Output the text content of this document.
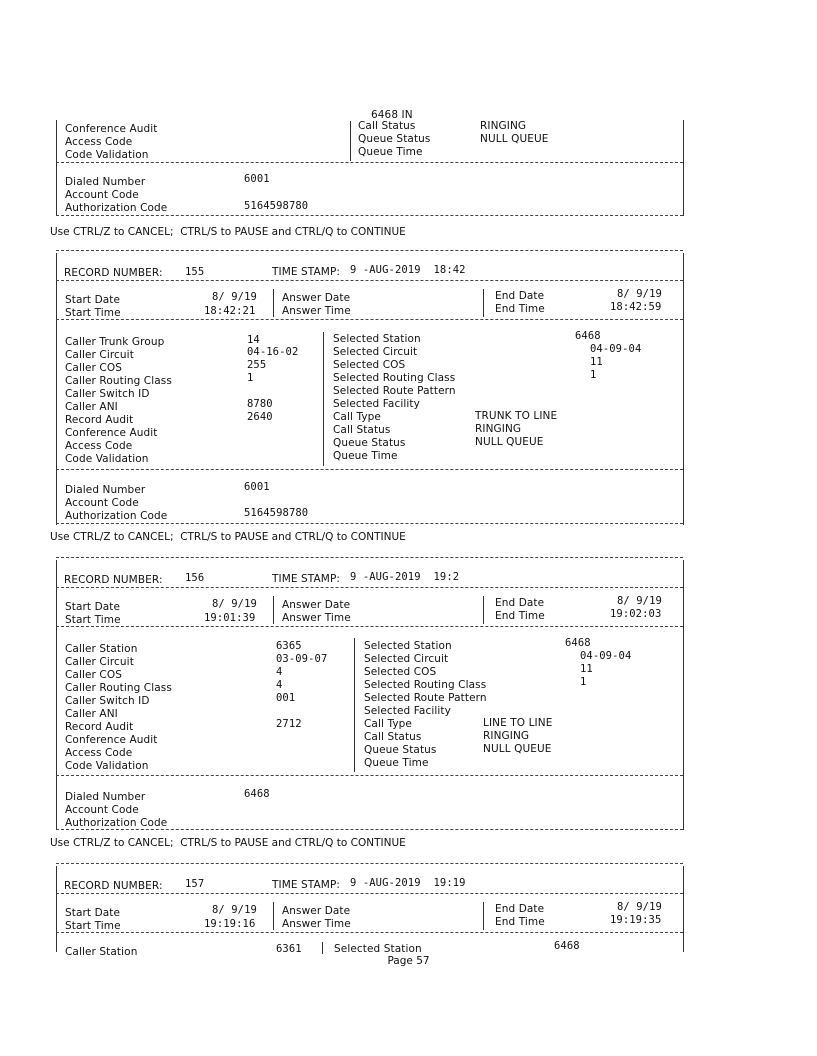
6468 IN
Conference Audit
Access Code
Code Validation
Call Status	RINGING
Queue Status	NULL QUEUE
Queue Time
Dialed Number	6001
Account Code
Authorization Code	5164598780
Use CTRL/Z to CANCEL;  CTRL/S to PAUSE and CTRL/Q to CONTINUE
RECORD NUMBER: 155	TIME STAMP: 9 -AUG-2019  18:42
Start Date	8/ 9/19
Start Time	18:42:21
Answer Date
Answer Time
End Date	8/ 9/19
End Time	18:42:59
Caller Trunk Group	14
Caller Circuit	04-16-02
Caller COS	255
Caller Routing Class	1
Caller Switch ID
Caller ANI	8780
Record Audit	2640
Conference Audit
Access Code
Code Validation
Selected Station	6468
Selected Circuit	04-09-04
Selected COS	11
Selected Routing Class	1
Selected Route Pattern
Selected Facility
Call Type	TRUNK TO LINE
Call Status	RINGING
Queue Status	NULL QUEUE
Queue Time
Dialed Number	6001
Account Code
Authorization Code	5164598780
Use CTRL/Z to CANCEL;  CTRL/S to PAUSE and CTRL/Q to CONTINUE
RECORD NUMBER: 156	TIME STAMP: 9 -AUG-2019  19:2
Start Date	8/ 9/19
Start Time	19:01:39
Answer Date
Answer Time
End Date	8/ 9/19
End Time	19:02:03
Caller Station	6365
Caller Circuit	03-09-07
Caller COS	4
Caller Routing Class	4
Caller Switch ID	001
Caller ANI
Record Audit	2712
Conference Audit
Access Code
Code Validation
Selected Station	6468
Selected Circuit	04-09-04
Selected COS	11
Selected Routing Class	1
Selected Route Pattern
Selected Facility
Call Type	LINE TO LINE
Call Status	RINGING
Queue Status	NULL QUEUE
Queue Time
Dialed Number	6468
Account Code
Authorization Code
Use CTRL/Z to CANCEL;  CTRL/S to PAUSE and CTRL/Q to CONTINUE
RECORD NUMBER: 157	TIME STAMP: 9 -AUG-2019  19:19
Start Date	8/ 9/19
Start Time	19:19:16
Answer Date
Answer Time
End Date	8/ 9/19
End Time	19:19:35
Caller Station	6361	Selected Station	6468
Page 57
